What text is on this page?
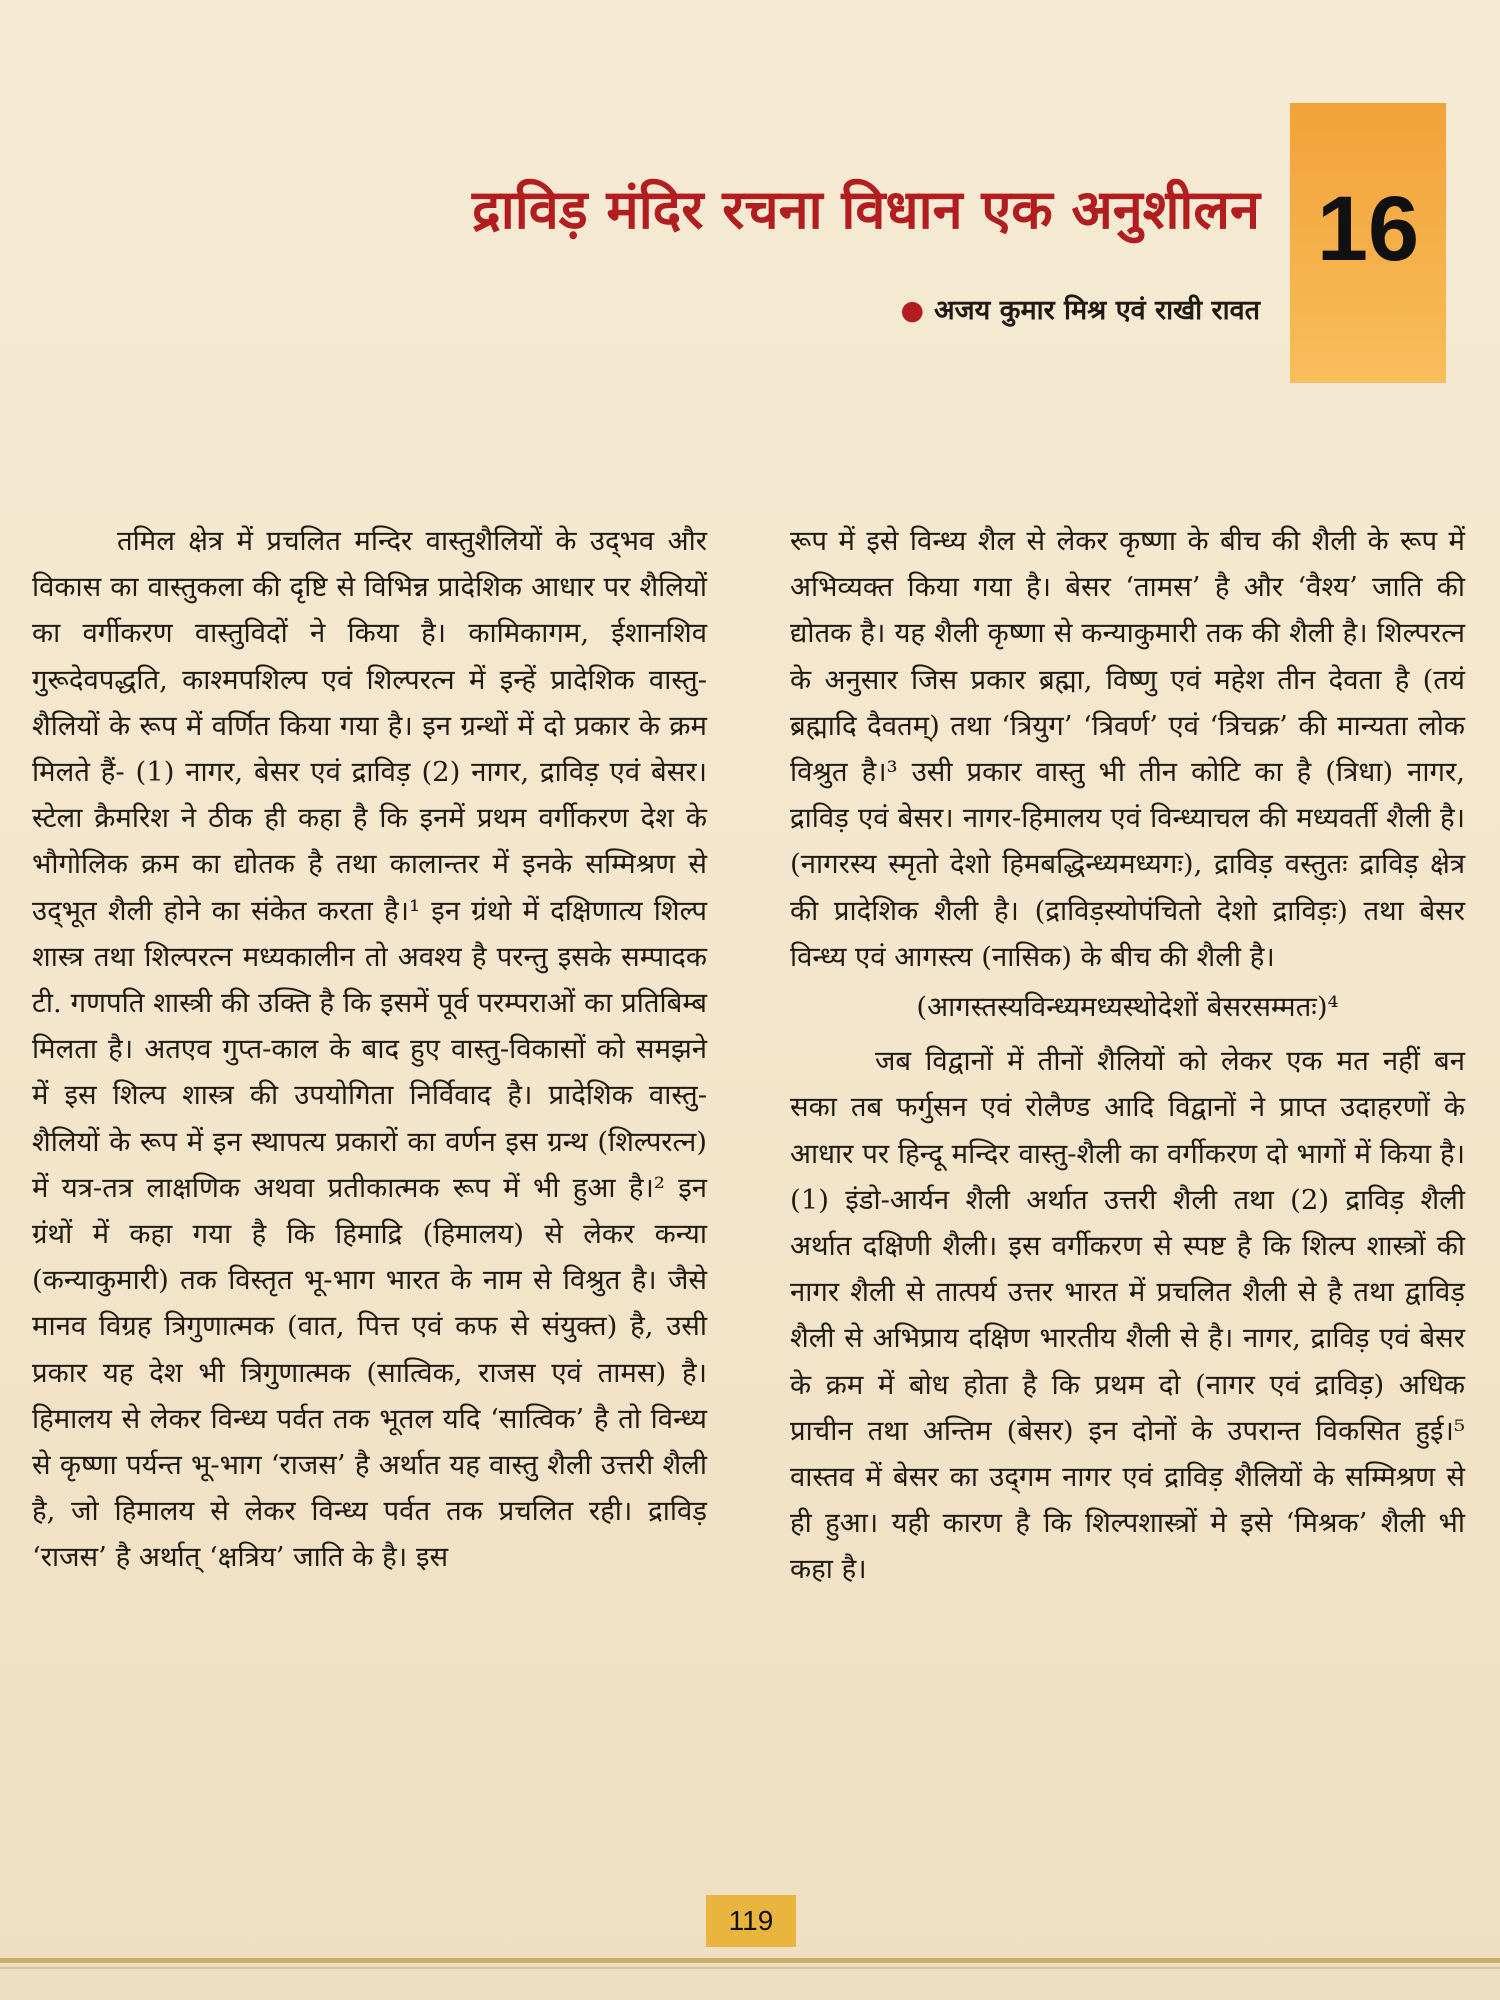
16
द्राविड़ मंदिर रचना विधान एक अनुशीलन
● अजय कुमार मिश्र एवं राखी रावत

तमिल क्षेत्र में प्रचलित मन्दिर वास्तुशैलियों के उद्‌भव और विकास का वास्तुकला की दृष्टि से विभिन्न प्रादेशिक आधार पर शैलियों का वर्गीकरण वास्तुविदों ने किया है। कामिकागम, ईशानशिव गुरूदेवपद्धति, काश्मपशिल्प एवं शिल्परत्न में इन्हें प्रादेशिक वास्तु- शैलियों के रूप में वर्णित किया गया है। इन ग्रन्थों में दो प्रकार के क्रम मिलते हैं- (1) नागर, बेसर एवं द्राविड़ (2) नागर, द्राविड़ एवं बेसर। स्टेला क्रैमरिश ने ठीक ही कहा है कि इनमें प्रथम वर्गीकरण देश के भौगोलिक क्रम का द्योतक है तथा कालान्तर में इनके सम्मिश्रण से उद्‌भूत शैली होने का संकेत करता है।¹ इन ग्रंथो में दक्षिणात्य शिल्प शास्त्र तथा शिल्परत्न मध्यकालीन तो अवश्य है परन्तु इसके सम्पादक टी. गणपति शास्त्री की उक्ति है कि इसमें पूर्व परम्पराओं का प्रतिबिम्ब मिलता है। अतएव गुप्त-काल के बाद हुए वास्तु-विकासों को समझने में इस शिल्प शास्त्र की उपयोगिता निर्विवाद है। प्रादेशिक वास्तु-शैलियों के रूप में इन स्थापत्य प्रकारों का वर्णन इस ग्रन्थ (शिल्परत्न) में यत्र-तत्र लाक्षणिक अथवा प्रतीकात्मक रूप में भी हुआ है।² इन ग्रंथों में कहा गया है कि हिमाद्रि (हिमालय) से लेकर कन्या (कन्याकुमारी) तक विस्तृत भू-भाग भारत के नाम से विश्रुत है। जैसे मानव विग्रह त्रिगुणात्मक (वात, पित्त एवं कफ से संयुक्त) है, उसी प्रकार यह देश भी त्रिगुणात्मक (सात्विक, राजस एवं तामस) है। हिमालय से लेकर विन्ध्य पर्वत तक भूतल यदि ‘सात्विक’ है तो विन्ध्य से कृष्णा पर्यन्त भू-भाग ‘राजस’ है अर्थात यह वास्तु शैली उत्तरी शैली है, जो हिमालय से लेकर विन्ध्य पर्वत तक प्रचलित रही। द्राविड़ ‘राजस’ है अर्थात्‌ ‘क्षत्रिय’ जाति के है। इस

रूप में इसे विन्ध्य शैल से लेकर कृष्णा के बीच की शैली के रूप में अभिव्यक्त किया गया है। बेसर ‘तामस’ है और ‘वैश्य’ जाति की द्योतक है। यह शैली कृष्णा से कन्याकुमारी तक की शैली है। शिल्परत्न के अनुसार जिस प्रकार ब्रह्मा, विष्णु एवं महेश तीन देवता है (तयं ब्रह्मादि दैवतम्) तथा ‘त्रियुग’ ‘त्रिवर्ण’ एवं ‘त्रिचक्र’ की मान्यता लोक विश्रुत है।³ उसी प्रकार वास्तु भी तीन कोटि का है (त्रिधा) नागर, द्राविड़ एवं बेसर। नागर-हिमालय एवं विन्ध्याचल की मध्यवर्ती शैली है। (नागरस्य स्मृतो देशो हिमबद्धिन्ध्यमध्यगः), द्राविड़ वस्तुतः द्राविड़ क्षेत्र की प्रादेशिक शैली है। (द्राविड़स्योपंचितो देशो द्राविड़ः) तथा बेसर विन्ध्य एवं आगस्त्य (नासिक) के बीच की शैली है।

(आगस्तस्यविन्ध्यमध्यस्थोदेशों बेसरसम्मतः)⁴

जब विद्वानों में तीनों शैलियों को लेकर एक मत नहीं बन सका तब फर्गुसन एवं रोलैण्ड आदि विद्वानों ने प्राप्त उदाहरणों के आधार पर हिन्दू मन्दिर वास्तु-शैली का वर्गीकरण दो भागों में किया है। (1) इंडो-आर्यन शैली अर्थात उत्तरी शैली तथा (2) द्राविड़ शैली अर्थात दक्षिणी शैली। इस वर्गीकरण से स्पष्ट है कि शिल्प शास्त्रों की नागर शैली से तात्पर्य उत्तर भारत में प्रचलित शैली से है तथा द्वाविड़ शैली से अभिप्राय दक्षिण भारतीय शैली से है। नागर, द्राविड़ एवं बेसर के क्रम में बोध होता है कि प्रथम दो (नागर एवं द्राविड़) अधिक प्राचीन तथा अन्तिम (बेसर) इन दोनों के उपरान्त विकसित हुई।⁵ वास्तव में बेसर का उद्‌गम नागर एवं द्राविड़ शैलियों के सम्मिश्रण से ही हुआ। यही कारण है कि शिल्पशास्त्रों मे इसे ‘मिश्रक’ शैली भी कहा है।

119
